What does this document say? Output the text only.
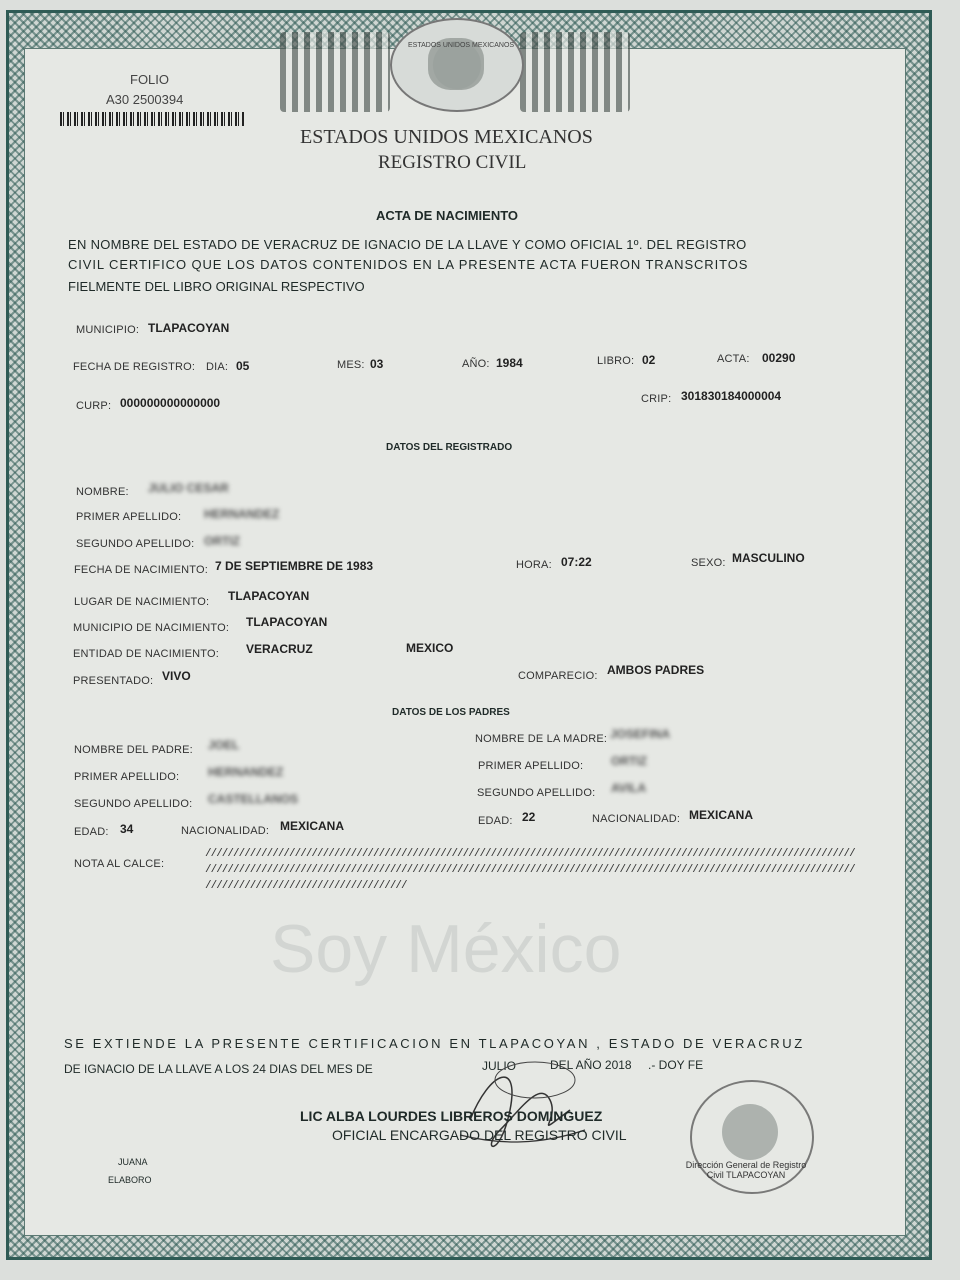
ESTADOS UNIDOS MEXICANOS
FOLIO
A30 2500394
ESTADOS UNIDOS MEXICANOS
REGISTRO CIVIL
ACTA DE NACIMIENTO
EN NOMBRE DEL ESTADO DE VERACRUZ DE IGNACIO DE LA LLAVE Y COMO OFICIAL 1º. DEL REGISTRO
CIVIL CERTIFICO QUE LOS DATOS CONTENIDOS EN LA PRESENTE ACTA FUERON TRANSCRITOS
FIELMENTE DEL LIBRO ORIGINAL RESPECTIVO
MUNICIPIO: TLAPACOYAN
FECHA DE REGISTRO: DIA: 05	MES: 03	AÑO: 1984	LIBRO: 02	ACTA: 00290
CURP: 000000000000000	CRIP: 301830184000004
DATOS DEL REGISTRADO
NOMBRE: JULIO CESAR
PRIMER APELLIDO: HERNANDEZ
SEGUNDO APELLIDO: ORTIZ
FECHA DE NACIMIENTO: 7 DE SEPTIEMBRE DE 1983	HORA: 07:22	SEXO: MASCULINO
LUGAR DE NACIMIENTO: TLAPACOYAN
MUNICIPIO DE NACIMIENTO: TLAPACOYAN
ENTIDAD DE NACIMIENTO: VERACRUZ	MEXICO
PRESENTADO: VIVO	COMPARECIO: AMBOS PADRES
DATOS DE LOS PADRES
NOMBRE DEL PADRE: JOEL
PRIMER APELLIDO: HERNANDEZ
SEGUNDO APELLIDO: CASTELLANOS
EDAD: 34	NACIONALIDAD: MEXICANA
NOMBRE DE LA MADRE: JOSEFINA
PRIMER APELLIDO: ORTIZ
SEGUNDO APELLIDO: AVILA
EDAD: 22	NACIONALIDAD: MEXICANA
NOTA AL CALCE:
////////////////////////////////////////////////////////////////////////////////////////////////////////////////////
////////////////////////////////////////////////////////////////////////////////////////////////////////////////////
////////////////////////////////////
Soy México
SE EXTIENDE LA PRESENTE CERTIFICACION EN TLAPACOYAN , ESTADO DE VERACRUZ
DE IGNACIO DE LA LLAVE A LOS 24 DIAS DEL MES DE	JULIO	DEL AÑO 2018 .- DOY FE
LIC ALBA LOURDES LIBREROS DOMINGUEZ
OFICIAL ENCARGADO DEL REGISTRO CIVIL
JUANA
ELABORO
Dirección General de Registro Civil TLAPACOYAN
